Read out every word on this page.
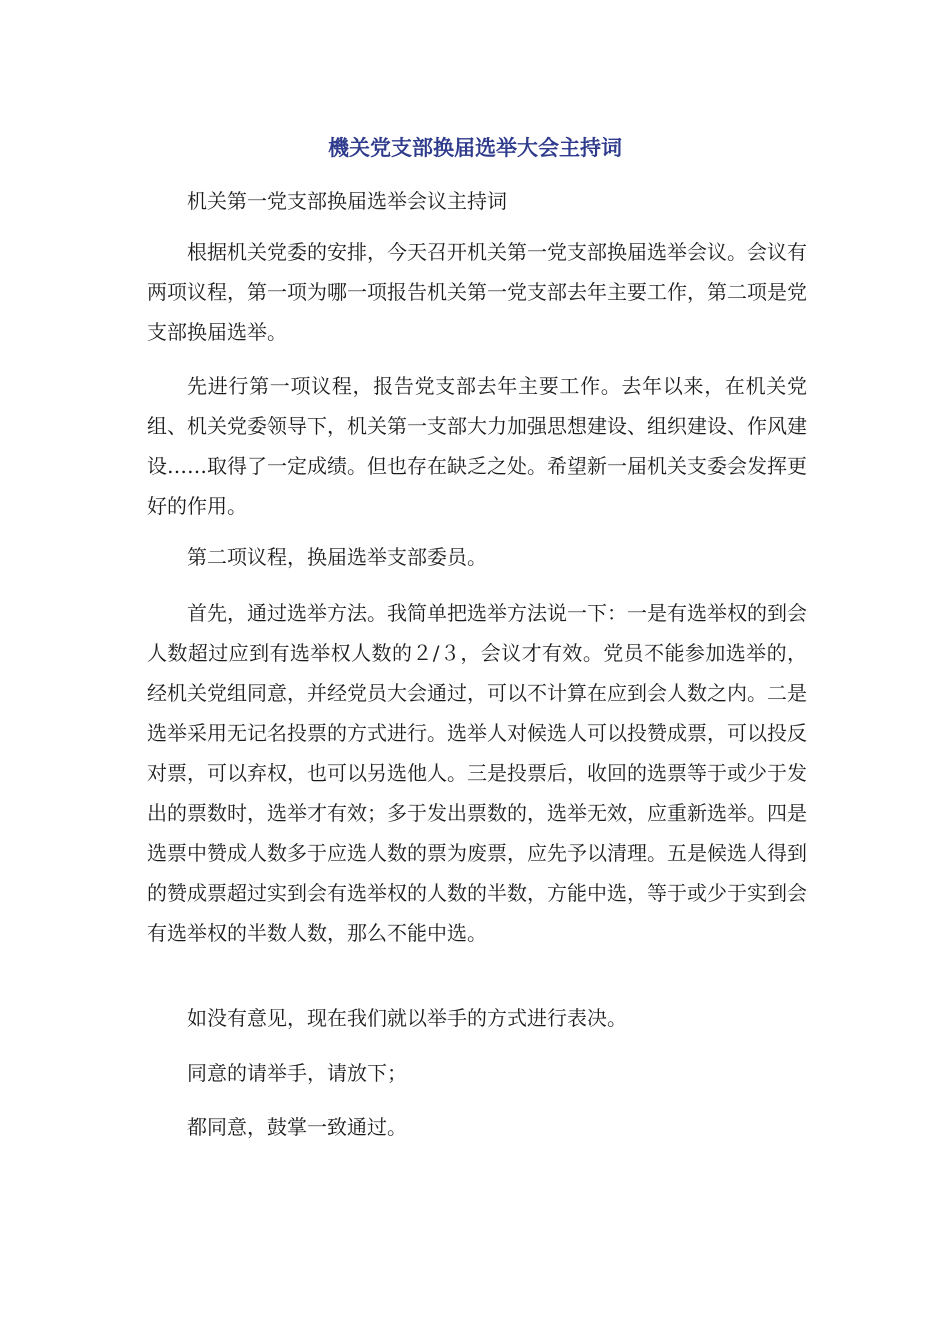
機关党支部换届选举大会主持词

机关第一党支部换届选举会议主持词

根据机关党委的安排，今天召开机关第一党支部换届选举会议。会议有两项议程，第一项为哪一项报告机关第一党支部去年主要工作，第二项是党支部换届选举。

先进行第一项议程，报告党支部去年主要工作。去年以来，在机关党组、机关党委领导下，机关第一支部大力加强思想建设、组织建设、作风建设……取得了一定成绩。但也存在缺乏之处。希望新一届机关支委会发挥更好的作用。

第二项议程，换届选举支部委员。

首先，通过选举方法。我简单把选举方法说一下：一是有选举权的到会人数超过应到有选举权人数的２/３，会议才有效。党员不能参加选举的，经机关党组同意，并经党员大会通过，可以不计算在应到会人数之内。二是选举采用无记名投票的方式进行。选举人对候选人可以投赞成票，可以投反对票，可以弃权，也可以另选他人。三是投票后，收回的选票等于或少于发出的票数时，选举才有效；多于发出票数的，选举无效，应重新选举。四是选票中赞成人数多于应选人数的票为废票，应先予以清理。五是候选人得到的赞成票超过实到会有选举权的人数的半数，方能中选，等于或少于实到会有选举权的半数人数，那么不能中选。

如没有意见，现在我们就以举手的方式进行表决。

同意的请举手，请放下；

都同意，鼓掌一致通过。
